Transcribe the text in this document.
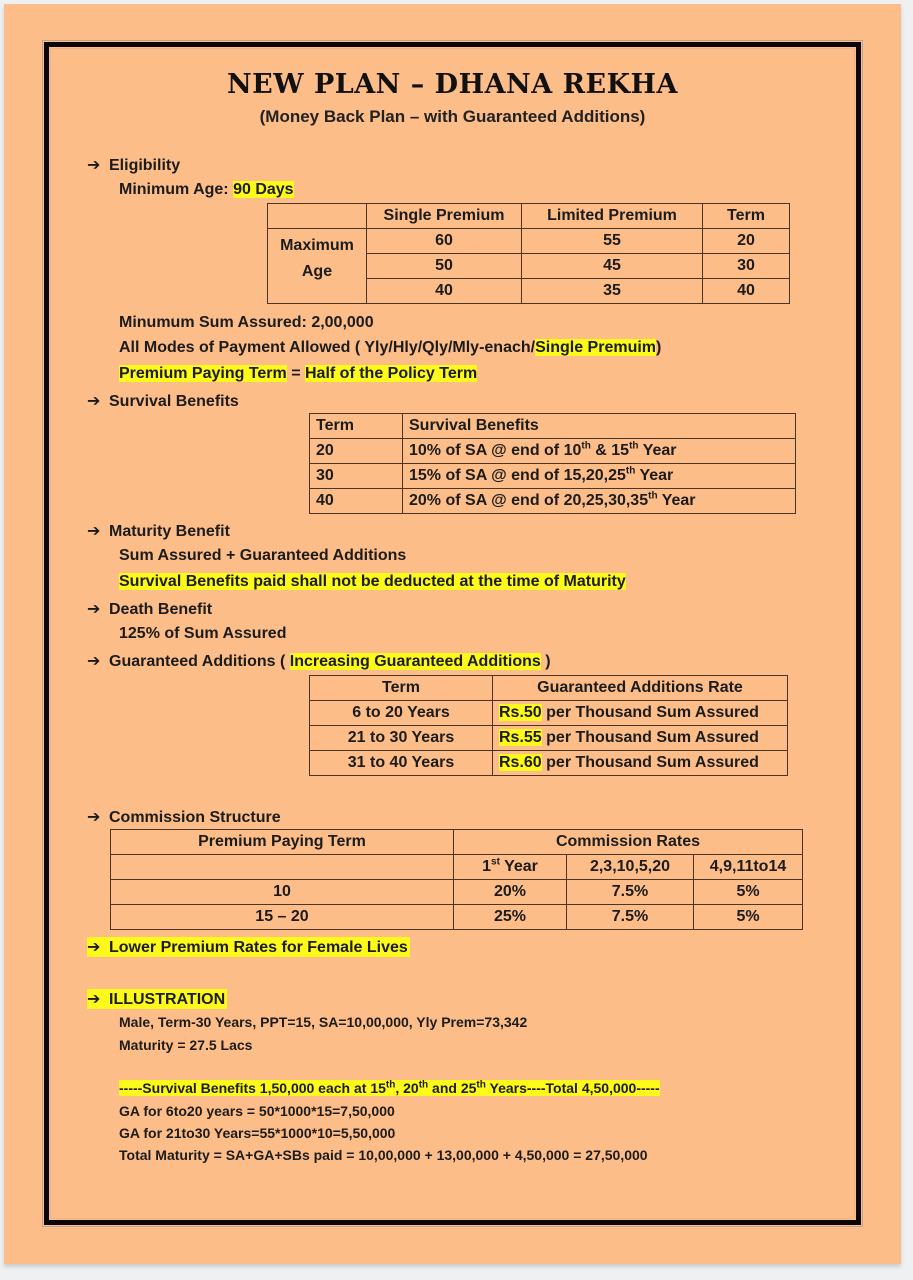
NEW PLAN – DHANA REKHA
(Money Back Plan – with Guaranteed Additions)
➔ Eligibility
Minimum Age: 90 Days
	Single Premium	Limited Premium	Term

Maximum
Age	60	55	20
	50	45	30
	40	35	40
Minumum Sum Assured: 2,00,000
All Modes of Payment Allowed ( Yly/Hly/Qly/Mly-enach/Single Premuim)
Premium Paying Term = Half of the Policy Term
➔ Survival Benefits
Term	Survival Benefits
20	10% of SA @ end of 10th & 15th Year
30	15% of SA @ end of 15,20,25th Year
40	20% of SA @ end of 20,25,30,35th Year
➔ Maturity Benefit
Sum Assured + Guaranteed Additions
Survival Benefits paid shall not be deducted at the time of Maturity
➔ Death Benefit
125% of Sum Assured
➔ Guaranteed Additions ( Increasing Guaranteed Additions )
Term	Guaranteed Additions Rate
6 to 20 Years	Rs.50 per Thousand Sum Assured
21 to 30 Years	Rs.55 per Thousand Sum Assured
31 to 40 Years	Rs.60 per Thousand Sum Assured
➔ Commission Structure
Premium Paying Term	Commission Rates		
	1st Year	2,3,10,5,20	4,9,11to14
10	20%	7.5%	5%
15 – 20	25%	7.5%	5%
➔ Lower Premium Rates for Female Lives
➔ ILLUSTRATION
Male, Term-30 Years, PPT=15, SA=10,00,000, Yly Prem=73,342
Maturity = 27.5 Lacs
-----Survival Benefits 1,50,000 each at 15th, 20th and 25th Years----Total 4,50,000-----
GA for 6to20 years = 50*1000*15=7,50,000
GA for 21to30 Years=55*1000*10=5,50,000
Total Maturity = SA+GA+SBs paid = 10,00,000 + 13,00,000 + 4,50,000 = 27,50,000
